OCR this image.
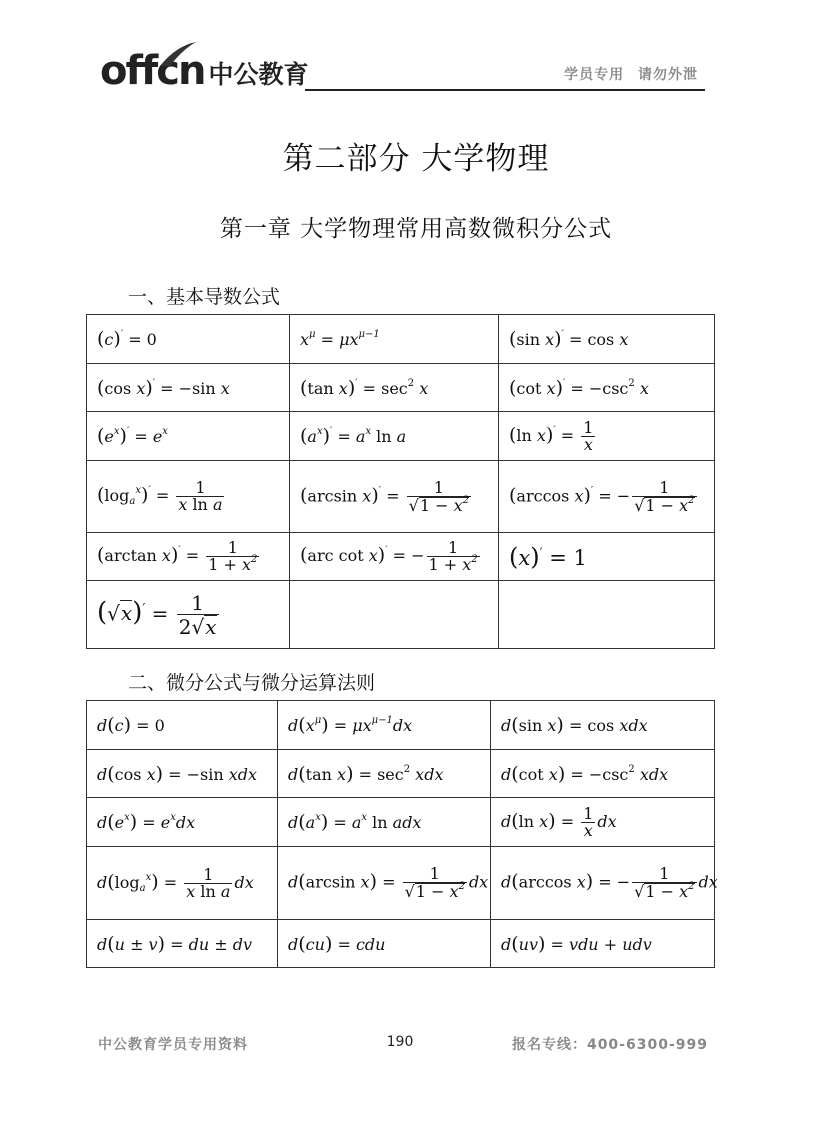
offcn 中公教育	学员专用 请勿外泄
第二部分 大学物理
第一章 大学物理常用高数微积分公式
一、基本导数公式
(c)′ = 0	$x^\mu = \mu x^{\mu-1}$	(sin x)′ = cos x
(cos x)′ = −sin x	(tan $x)' = \sec^2 x$	(cot $x)' = -\csc^2$ x
$(e^x)' = e^x$	$(a^x)' = a^x$ ln a	(ln $x)' = \frac{1}{x}$

$(\log_a^x)' = \frac{1}{\text{x ln a}}$	(arcsin $x)' = \frac{1}{√1 - x^2}$	(arccos x)′ = − $\frac{1}{√1 - x^2}$

(arctan $x)' = \frac{1}{1 + x^2}$	(arc cot x)′ = − $\frac{1}{1 + x^2}$	(x)′ = 1
$(√x)' = \frac{1}{2√x}$

二、微分公式与微分运算法则
d(c) = 0	$d(x^\mu) = \mu x^{\mu-1}dx$	d(sin x) = cos xdx
d(cos x) = −sin xdx	d(tan $x) = \sec^2$ xdx	d(cot $x) = -\csc^2$ xdx
$d(e^x) = e^xdx$	$d(a^x) = a^x$ ln adx	d(ln $x) = \frac{1}{x}$ dx
$d(\log_a^x) = \frac{1}{\text{x ln a}}$ dx	d(arcsin $x) = \frac{1}{√1 - x^2}$ dx	d(arccos x) = − $\frac{1}{√1 - x^2}$ dx
d(u ± v) = du ± dv	d(cu) = cdu	d(uv) = vdu + udv
中公教育学员专用资料	190	报名专线：400-6300-999
